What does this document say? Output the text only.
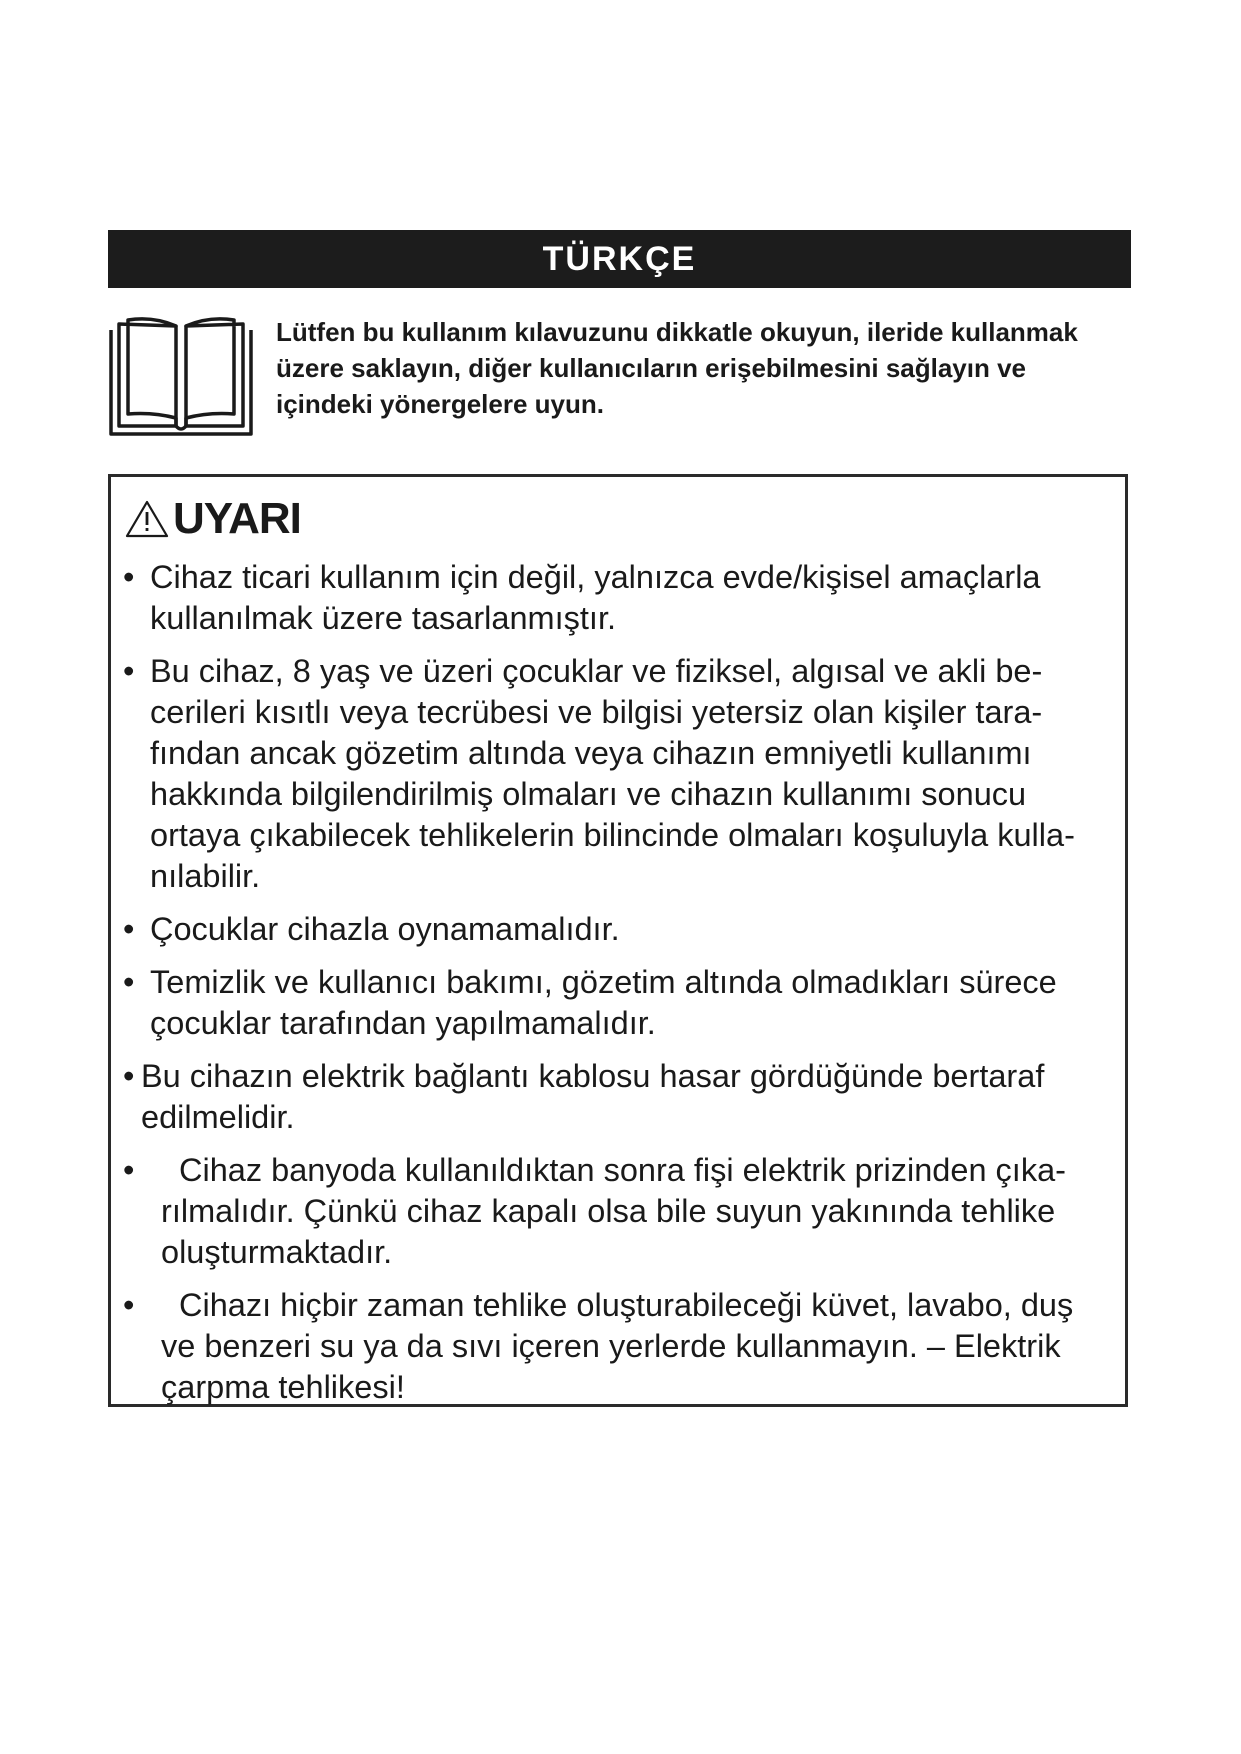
TÜRKÇE
Lütfen bu kullanım kılavuzunu dikkatle okuyun, ileride kullanmak
üzere saklayın, diğer kullanıcıların erişebilmesini sağlayın ve
içindeki yönergelere uyun.
UYARI
• Cihaz ticari kullanım için değil, yalnızca evde/kişisel amaçlarla
kullanılmak üzere tasarlanmıştır.
• Bu cihaz, 8 yaş ve üzeri çocuklar ve fiziksel, algısal ve akli be-
cerileri kısıtlı veya tecrübesi ve bilgisi yetersiz olan kişiler tara-
fından ancak gözetim altında veya cihazın emniyetli kullanımı
hakkında bilgilendirilmiş olmaları ve cihazın kullanımı sonucu
ortaya çıkabilecek tehlikelerin bilincinde olmaları koşuluyla kulla-
nılabilir.
• Çocuklar cihazla oynamamalıdır.
• Temizlik ve kullanıcı bakımı, gözetim altında olmadıkları sürece
çocuklar tarafından yapılmamalıdır.
• Bu cihazın elektrik bağlantı kablosu hasar gördüğünde bertaraf
edilmelidir.
•	Cihaz banyoda kullanıldıktan sonra fişi elektrik prizinden çıka-
rılmalıdır. Çünkü cihaz kapalı olsa bile suyun yakınında tehlike
oluşturmaktadır.
•	Cihazı hiçbir zaman tehlike oluşturabileceği küvet, lavabo, duş
ve benzeri su ya da sıvı içeren yerlerde kullanmayın. – Elektrik
çarpma tehlikesi!
